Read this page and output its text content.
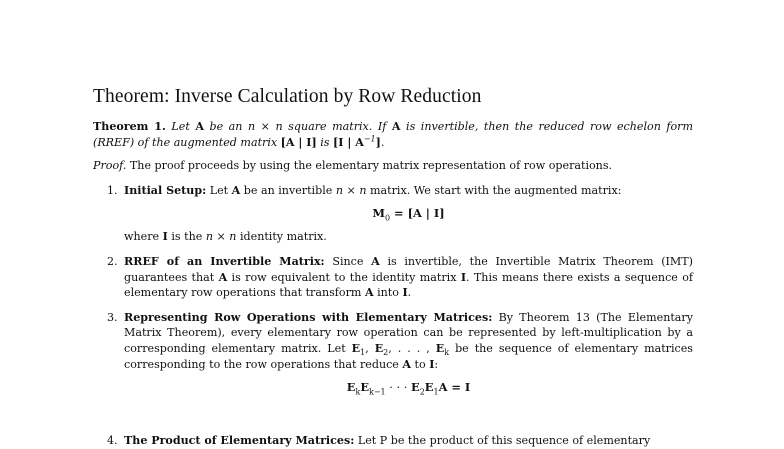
Theorem: Inverse Calculation by Row Reduction

Theorem 1. Let A be an n × n square matrix. If A is invertible, then the reduced row echelon form (RREF) of the augmented matrix [A | I] is [I | $A^{-1}$].

Proof. The proof proceeds by using the elementary matrix representation of row operations.

1. Initial Setup: Let A be an invertible n × n matrix. We start with the augmented matrix:

$M_0 = [A$ | I]

where I is the n × n identity matrix.

2. RREF of an Invertible Matrix: Since A is invertible, the Invertible Matrix Theorem (IMT) guarantees that A is row equivalent to the identity matrix I. This means there exists a sequence of elementary row operations that transform A into I.

3. Representing Row Operations with Elementary Matrices: By Theorem 13 (The Elementary Matrix Theorem), every elementary row operation can be represented by left-multiplication by a corresponding elementary matrix. Let $E_1$, $E_2$, . . . , $E_k$ be the sequence of elementary matrices corresponding to the row operations that reduce A to I:

$E_kE_{k-1}$ · · · $E_2E_1A = I$
4. The Product of Elementary Matrices: Let P be the product of this sequence of elementary
